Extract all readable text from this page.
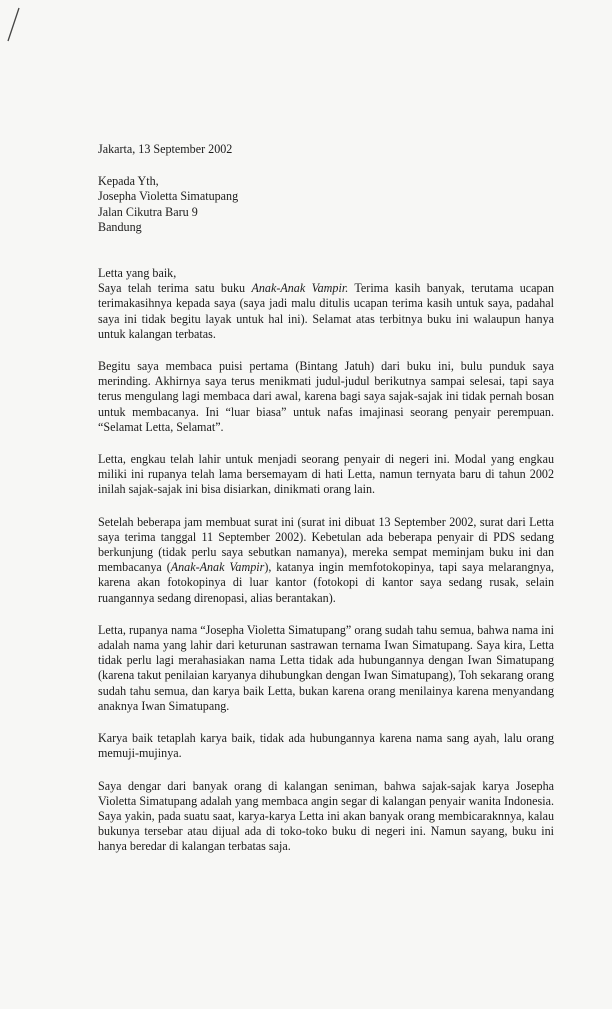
Jakarta, 13 September 2002

Kepada Yth,
Josepha Violetta Simatupang
Jalan Cikutra Baru 9
Bandung

Letta yang baik,

Saya telah terima satu buku Anak-Anak Vampir. Terima kasih banyak, terutama ucapan terimakasihnya kepada saya (saya jadi malu ditulis ucapan terima kasih untuk saya, padahal saya ini tidak begitu layak untuk hal ini). Selamat atas terbitnya buku ini walaupun hanya untuk kalangan terbatas.

Begitu saya membaca puisi pertama (Bintang Jatuh) dari buku ini, bulu punduk saya merinding. Akhirnya saya terus menikmati judul-judul berikutnya sampai selesai, tapi saya terus mengulang lagi membaca dari awal, karena bagi saya sajak-sajak ini tidak pernah bosan untuk membacanya. Ini “luar biasa” untuk nafas imajinasi seorang penyair perempuan. “Selamat Letta, Selamat”.

Letta, engkau telah lahir untuk menjadi seorang penyair di negeri ini. Modal yang engkau miliki ini rupanya telah lama bersemayam di hati Letta, namun ternyata baru di tahun 2002 inilah sajak-sajak ini bisa disiarkan, dinikmati orang lain.

Setelah beberapa jam membuat surat ini (surat ini dibuat 13 September 2002, surat dari Letta saya terima tanggal 11 September 2002). Kebetulan ada beberapa penyair di PDS sedang berkunjung (tidak perlu saya sebutkan namanya), mereka sempat meminjam buku ini dan membacanya (Anak-Anak Vampir), katanya ingin memfotokopinya, tapi saya melarangnya, karena akan fotokopinya di luar kantor (fotokopi di kantor saya sedang rusak, selain ruangannya sedang direnopasi, alias berantakan).

Letta, rupanya nama “Josepha Violetta Simatupang” orang sudah tahu semua, bahwa nama ini adalah nama yang lahir dari keturunan sastrawan ternama Iwan Simatupang. Saya kira, Letta tidak perlu lagi merahasiakan nama Letta tidak ada hubungannya dengan Iwan Simatupang (karena takut penilaian karyanya dihubungkan dengan Iwan Simatupang), Toh sekarang orang sudah tahu semua, dan karya baik Letta, bukan karena orang menilainya karena menyandang anaknya Iwan Simatupang.

Karya baik tetaplah karya baik, tidak ada hubungannya karena nama sang ayah, lalu orang memuji-mujinya.

Saya dengar dari banyak orang di kalangan seniman, bahwa sajak-sajak karya Josepha Violetta Simatupang adalah yang membaca angin segar di kalangan penyair wanita Indonesia. Saya yakin, pada suatu saat, karya-karya Letta ini akan banyak orang membicaraknnya, kalau bukunya tersebar atau dijual ada di toko-toko buku di negeri ini. Namun sayang, buku ini hanya beredar di kalangan terbatas saja.
